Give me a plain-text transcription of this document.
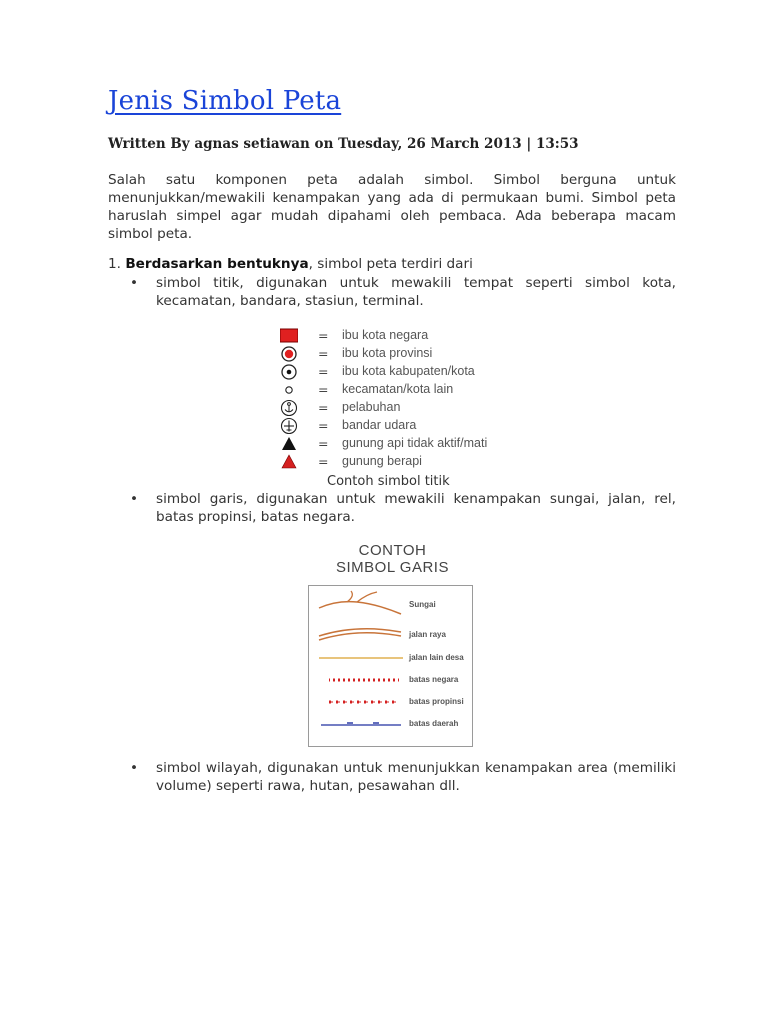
Jenis Simbol Peta

Written By agnas setiawan on Tuesday, 26 March 2013 | 13:53

Salah satu komponen peta adalah simbol. Simbol berguna untuk menunjukkan/mewakili kenampakan yang ada di permukaan bumi. Simbol peta haruslah simpel agar mudah dipahami oleh pembaca. Ada beberapa macam simbol peta.

1. Berdasarkan bentuknya, simbol peta terdiri dari

• simbol titik, digunakan untuk mewakili tempat seperti simbol kota, kecamatan, bandara, stasiun, terminal.

= ibu kota negara
= ibu kota provinsi
= ibu kota kabupaten/kota
= kecamatan/kota lain
= pelabuhan
= bandar udara
= gunung api tidak aktif/mati
= gunung berapi

Contoh simbol titik

• simbol garis, digunakan untuk mewakili kenampakan sungai, jalan, rel, batas propinsi, batas negara.

CONTOH
SIMBOL GARIS
Sungai
jalan raya
jalan lain desa
batas negara
batas propinsi
batas daerah

• simbol wilayah, digunakan untuk menunjukkan kenampakan area (memiliki volume) seperti rawa, hutan, pesawahan dll.
